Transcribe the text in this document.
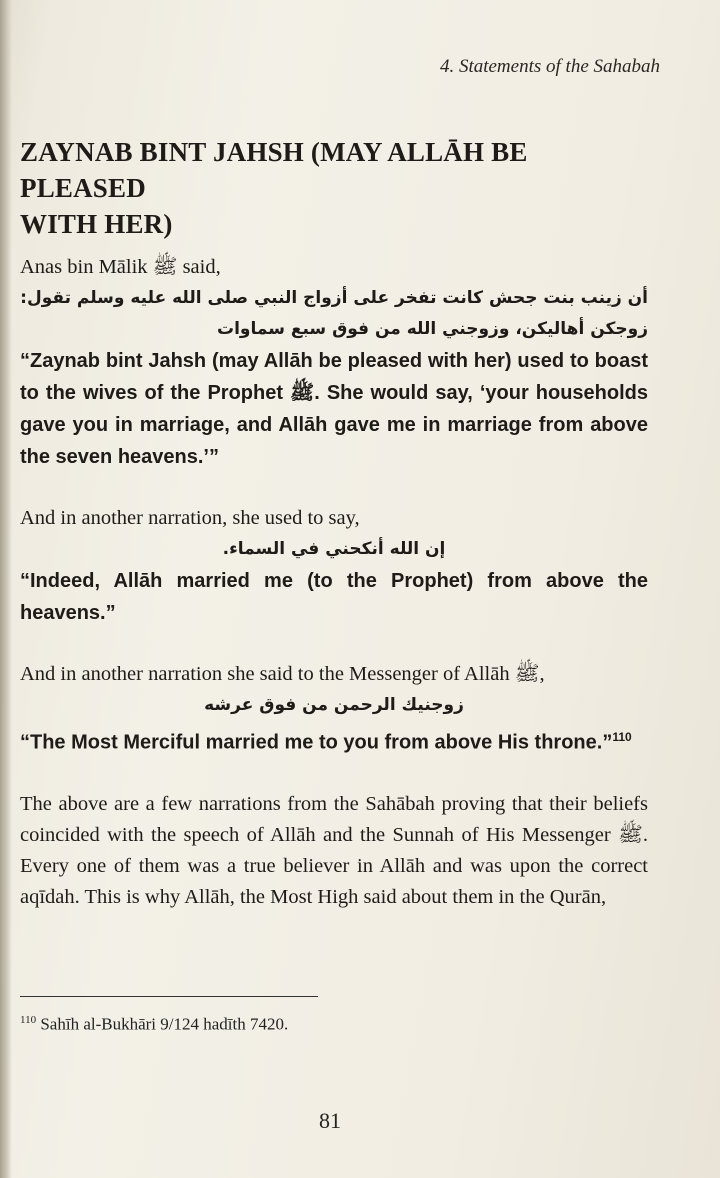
4. Statements of the Sahabah
ZAYNAB BINT JAHSH (MAY ALLĀH BE PLEASED
WITH HER)

Anas bin Mālik ﷺ said,

أن زينب بنت جحش كانت تفخر على أزواج النبي صلى الله عليه وسلم تقول:

زوجكن أهاليكن، وزوجني الله من فوق سبع سماوات

“Zaynab bint Jahsh (may Allāh be pleased with her) used to boast to the wives of the Prophet ﷺ. She would say, ‘your households gave you in marriage, and Allāh gave me in marriage from above the seven heavens.’”

And in another narration, she used to say,

إن الله أنكحني في السماء.

“Indeed, Allāh married me (to the Prophet) from above the heavens.”

And in another narration she said to the Messenger of Allāh ﷺ,

زوجنيك الرحمن من فوق عرشه

“The Most Merciful married me to you from above His throne.”$^{110}$

The above are a few narrations from the Sahābah proving that their beliefs coincided with the speech of Allāh and the Sunnah of His Messenger ﷺ. Every one of them was a true believer in Allāh and was upon the correct aqīdah. This is why Allāh, the Most High said about them in the Qurān,

$^{110}$ Sahīh al-Bukhāri 9/124 hadīth 7420.
81
